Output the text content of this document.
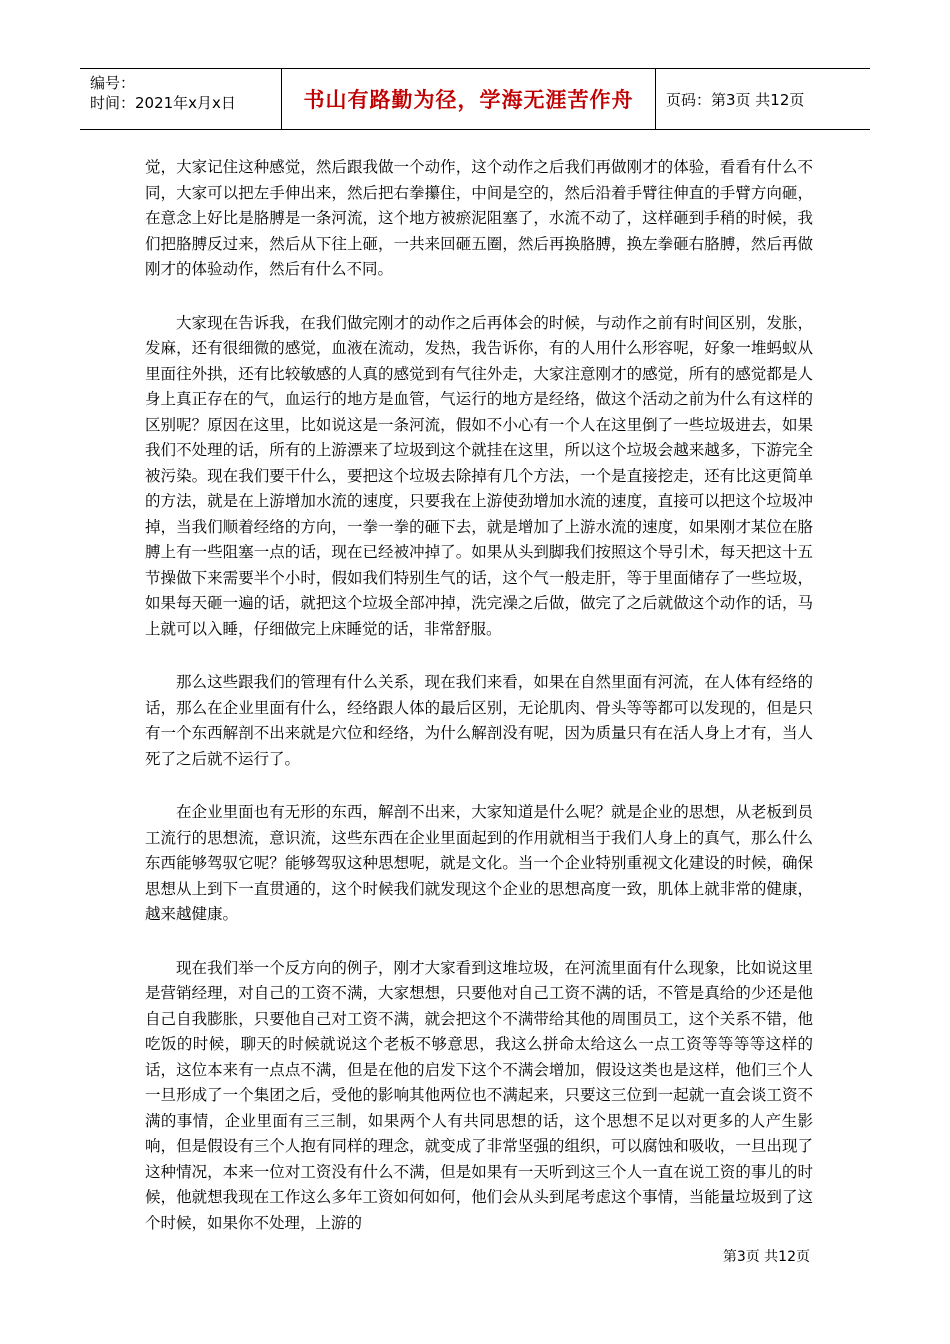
编号：
时间：2021年x月x日	书山有路勤为径，学海无涯苦作舟	页码：第3页 共12页

觉，大家记住这种感觉，然后跟我做一个动作，这个动作之后我们再做刚才的体验，看看有什么不同，大家可以把左手伸出来，然后把右拳攥住，中间是空的，然后沿着手臂往伸直的手臂方向砸，在意念上好比是胳膊是一条河流，这个地方被瘀泥阻塞了，水流不动了，这样砸到手稍的时候，我们把胳膊反过来，然后从下往上砸，一共来回砸五圈，然后再换胳膊，换左拳砸右胳膊，然后再做刚才的体验动作，然后有什么不同。

大家现在告诉我，在我们做完刚才的动作之后再体会的时候，与动作之前有时间区别，发胀，发麻，还有很细微的感觉，血液在流动，发热，我告诉你，有的人用什么形容呢，好象一堆蚂蚁从里面往外拱，还有比较敏感的人真的感觉到有气往外走，大家注意刚才的感觉，所有的感觉都是人身上真正存在的气，血运行的地方是血管，气运行的地方是经络，做这个活动之前为什么有这样的区别呢？原因在这里，比如说这是一条河流，假如不小心有一个人在这里倒了一些垃圾进去，如果我们不处理的话，所有的上游漂来了垃圾到这个就挂在这里，所以这个垃圾会越来越多，下游完全被污染。现在我们要干什么，要把这个垃圾去除掉有几个方法，一个是直接挖走，还有比这更简单的方法，就是在上游增加水流的速度，只要我在上游使劲增加水流的速度，直接可以把这个垃圾冲掉，当我们顺着经络的方向，一拳一拳的砸下去，就是增加了上游水流的速度，如果刚才某位在胳膊上有一些阻塞一点的话，现在已经被冲掉了。如果从头到脚我们按照这个导引术，每天把这十五节操做下来需要半个小时，假如我们特别生气的话，这个气一般走肝，等于里面储存了一些垃圾，如果每天砸一遍的话，就把这个垃圾全部冲掉，洗完澡之后做，做完了之后就做这个动作的话，马上就可以入睡，仔细做完上床睡觉的话，非常舒服。

那么这些跟我们的管理有什么关系，现在我们来看，如果在自然里面有河流，在人体有经络的话，那么在企业里面有什么，经络跟人体的最后区别，无论肌肉、骨头等等都可以发现的，但是只有一个东西解剖不出来就是穴位和经络，为什么解剖没有呢，因为质量只有在活人身上才有，当人死了之后就不运行了。

在企业里面也有无形的东西，解剖不出来，大家知道是什么呢？就是企业的思想，从老板到员工流行的思想流，意识流，这些东西在企业里面起到的作用就相当于我们人身上的真气，那么什么东西能够驾驭它呢？能够驾驭这种思想呢，就是文化。当一个企业特别重视文化建设的时候，确保思想从上到下一直贯通的，这个时候我们就发现这个企业的思想高度一致，肌体上就非常的健康，越来越健康。

现在我们举一个反方向的例子，刚才大家看到这堆垃圾，在河流里面有什么现象，比如说这里是营销经理，对自己的工资不满，大家想想，只要他对自己工资不满的话，不管是真给的少还是他自己自我膨胀，只要他自己对工资不满，就会把这个不满带给其他的周围员工，这个关系不错，他吃饭的时候，聊天的时候就说这个老板不够意思，我这么拼命太给这么一点工资等等等等这样的话，这位本来有一点点不满，但是在他的启发下这个不满会增加，假设这类也是这样，他们三个人一旦形成了一个集团之后，受他的影响其他两位也不满起来，只要这三位到一起就一直会谈工资不满的事情，企业里面有三三制，如果两个人有共同思想的话，这个思想不足以对更多的人产生影响，但是假设有三个人抱有同样的理念，就变成了非常坚强的组织，可以腐蚀和吸收，一旦出现了这种情况，本来一位对工资没有什么不满，但是如果有一天听到这三个人一直在说工资的事儿的时候，他就想我现在工作这么多年工资如何如何，他们会从头到尾考虑这个事情，当能量垃圾到了这个时候，如果你不处理，上游的

第3页 共12页
